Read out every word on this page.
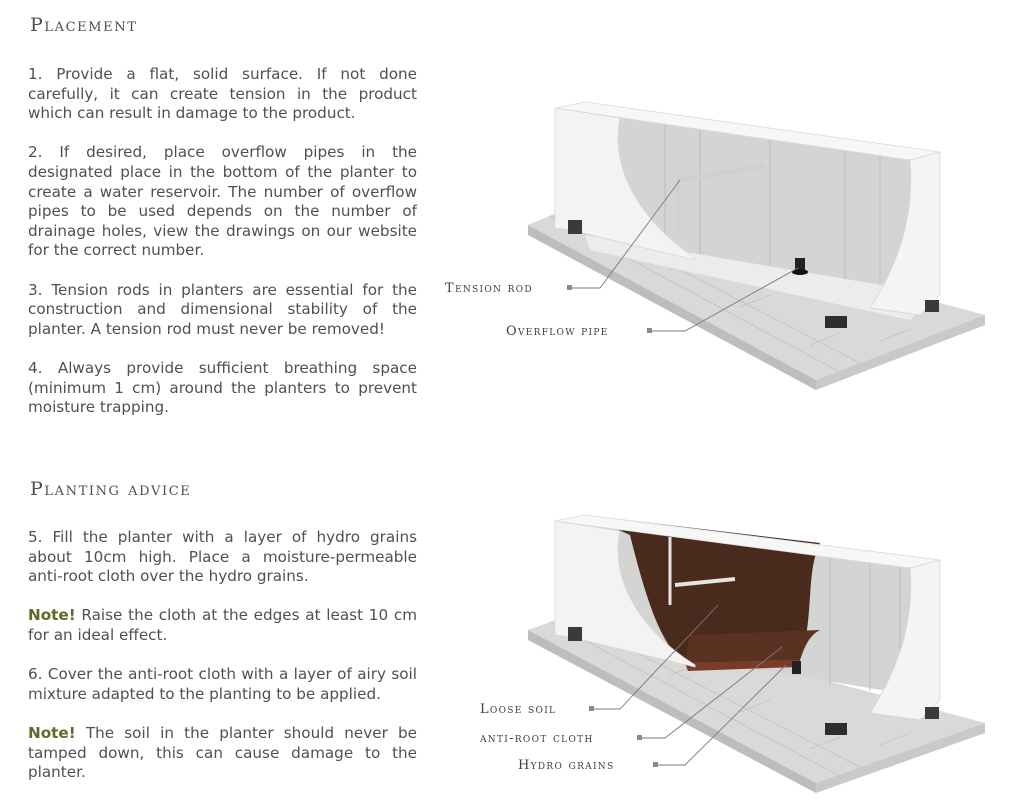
Placement

1. Provide a flat, solid surface. If not done carefully, it can create tension in the product which can result in damage to the product.

2. If desired, place overflow pipes in the designated place in the bottom of the planter to create a water reservoir. The number of overflow pipes to be used depends on the number of drainage holes, view the drawings on our website for the correct number.

3. Tension rods in planters are essential for the construction and dimensional stability of the planter. A tension rod must never be removed!

4. Always provide sufficient breathing space (minimum 1 cm) around the planters to prevent moisture trapping.

Tension rod
Overflow pipe
Planting advice

5. Fill the planter with a layer of hydro grains about 10cm high. Place a moisture-permeable anti-root cloth over the hydro grains.

Note! Raise the cloth at the edges at least 10 cm for an ideal effect.

6. Cover the anti-root cloth with a layer of airy soil mixture adapted to the planting to be applied.

Note! The soil in the planter should never be tamped down, this can cause damage to the planter.

Loose soil
anti-root cloth
Hydro grains
